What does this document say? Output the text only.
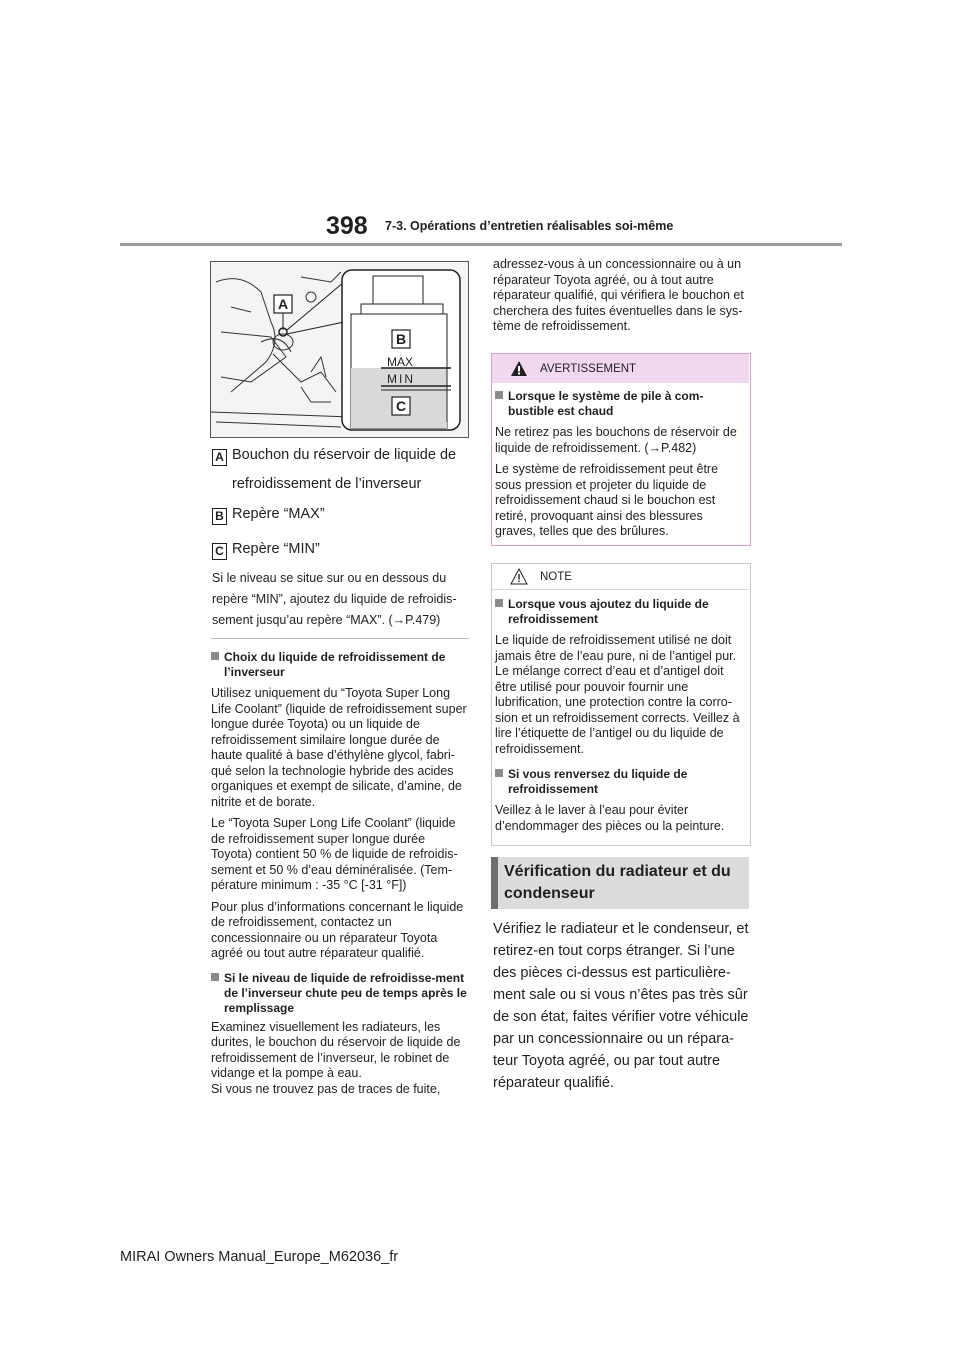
398 7-3. Opérations d’entretien réalisables soi-même
A
B
MAX
MIN
C
A Bouchon du réservoir de liquide de
refroidissement de l’inverseur
B Repère “MAX”
C Repère “MIN”
Si le niveau se situe sur ou en dessous du
repère “MIN”, ajoutez du liquide de refroidis-
sement jusqu’au repère “MAX”. (→P.479)
Choix du liquide de refroidissement de l’inverseur

Utilisez uniquement du “Toyota Super Long Life Coolant” (liquide de refroidissement super longue durée Toyota) ou un liquide de refroidissement similaire longue durée de haute qualité à base d’éthylène glycol, fabri-qué selon la technologie hybride des acides organiques et exempt de silicate, d’amine, de nitrite et de borate.

Le “Toyota Super Long Life Coolant” (liquide de refroidissement super longue durée Toyota) contient 50 % de liquide de refroidis-sement et 50 % d’eau déminéralisée. (Tem-pérature minimum : -35 °C [-31 °F])

Pour plus d’informations concernant le liquide de refroidissement, contactez un concessionnaire ou un réparateur Toyota agréé ou tout autre réparateur qualifié.

Si le niveau de liquide de refroidisse-ment de l’inverseur chute peu de temps après le remplissage

Examinez visuellement les radiateurs, les durites, le bouchon du réservoir de liquide de refroidissement de l’inverseur, le robinet de vidange et la pompe à eau.

Si vous ne trouvez pas de traces de fuite,

adressez-vous à un concessionnaire ou à un réparateur Toyota agréé, ou à tout autre réparateur qualifié, qui vérifiera le bouchon et cherchera des fuites éventuelles dans le sys-tème de refroidissement.

AVERTISSEMENT
Lorsque le système de pile à com-bustible est chaud

Ne retirez pas les bouchons de réservoir de liquide de refroidissement. (→P.482)

Le système de refroidissement peut être sous pression et projeter du liquide de refroidissement chaud si le bouchon est retiré, provoquant ainsi des blessures graves, telles que des brûlures.

NOTE
Lorsque vous ajoutez du liquide de refroidissement

Le liquide de refroidissement utilisé ne doit jamais être de l’eau pure, ni de l’antigel pur. Le mélange correct d’eau et d’antigel doit être utilisé pour pouvoir fournir une lubrification, une protection contre la corro-sion et un refroidissement corrects. Veillez à lire l’étiquette de l’antigel ou du liquide de refroidissement.

Si vous renversez du liquide de refroidissement

Veillez à le laver à l’eau pour éviter d’endommager des pièces ou la peinture.

Vérification du radiateur et du condenseur
Vérifiez le radiateur et le condenseur, et retirez-en tout corps étranger. Si l’une des pièces ci-dessus est particulière-ment sale ou si vous n’êtes pas très sûr de son état, faites vérifier votre véhicule par un concessionnaire ou un répara-teur Toyota agréé, ou par tout autre réparateur qualifié.
MIRAI Owners Manual_Europe_M62036_fr
